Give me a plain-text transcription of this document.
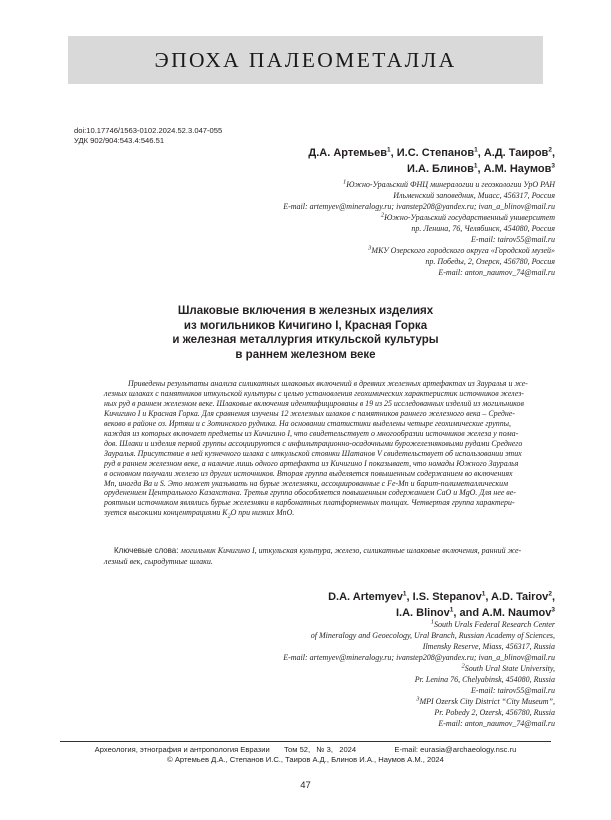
ЭПОХА ПАЛЕОМЕТАЛЛА
doi:10.17746/1563-0102.2024.52.3.047-055
УДК 902/904:543.4:546.51
Д.А. Артемьев$^1$, И.С. Степанов$^1$, А.Д. Таиров$^2$,
И.А. Блинов$^1$, А.М. Наумов$^3$
$^1$Южно-Уральский ФНЦ минералогии и геоэкологии УрО РАН
Ильменский заповедник, Миасс, 456317, Россия
E-mail: artemyev@mineralogy.ru; ivanstep208@yandex.ru; ivan_a_blinov@mail.ru
$^2$Южно-Уральский государственный университет
пр. Ленина, 76, Челябинск, 454080, Россия
E-mail: tairov55@mail.ru
$^3$МКУ Озерского городского округа «Городской музей»
пр. Победы, 2, Озерск, 456780, Россия
E-mail: anton_naumov_74@mail.ru
Шлаковые включения в железных изделиях
из могильников Кичигино I, Красная Горка
и железная металлургия иткульской культуры
в раннем железном веке
Приведены результаты анализа силикатных шлаковых включений в древних железных артефактах из Зауралья и же-
лезных шлаках с памятников иткульской культуры с целью установления геохимических характеристик источников желез-
ных руд в раннем железном веке. Шлаковые включения идентифицированы в 19 из 25 исследованных изделий из могильников
Кичигино I и Красная Горка. Для сравнения изучены 12 железных шлаков с памятников раннего железного века – Средне-
веково в районе оз. Иртяш и с Зотинского рудника. На основании статистики выделены четыре геохимические группы,
каждая из которых включает предметы из Кичигино I, что свидетельствует о многообразии источников железа у noма-
дов. Шлаки и изделия первой группы ассоциируются с инфильтрационно-осадочными бурожелезняковыми рудами Среднего
Зауралья. Присутствие в ней кузнечного шлака с иткульской стоянки Шатанов V свидетельствует об использовании этих
руд в раннем железном веке, а наличие лишь одного артефакта из Кичигино I показывает, что номады Южного Зауралья
в основном получали железо из других источников. Вторая группа выделяется повышенным содержанием во включениях
Mn, иногда Ba и S. Это может указывать на бурые железняки, ассоциированные с Fe-Mn и барит-полиметаллическим
оруденением Центрального Казахстана. Третья группа обособляется повышенным содержанием CaO и MgO. Для нее ве-
роятным источником являлись бурые железняки в карбонатных платформенных толщах. Четвертая группа характери-
зуется высокими концентрациями $K_2O$ при низких MnO.
Ключевые слова: могильник Кичигино I, иткульская культура, железо, силикатные шлаковые включения, ранний же-
лезный век, сыродутные шлаки.
D.A. Artemyev$^1$, I.S. Stepanov$^1$, A.D. Tairov$^2$,
I.A. Blinov$^1$, and A.M. Naumov$^3$
$^1$South Urals Federal Research Center
of Mineralogy and Geoecology, Ural Branch, Russian Academy of Sciences,
Ilmensky Reserve, Miass, 456317, Russia
E-mail: artemyev@mineralogy.ru; ivanstep208@yandex.ru; ivan_a_blinov@mail.ru
$^2$South Ural State University,
Pr. Lenina 76, Chelyabinsk, 454080, Russia
E-mail: tairov55@mail.ru
$^3$MPI Ozersk City District “City Museum”,
Pr. Pobedy 2, Ozersk, 456780, Russia
E-mail: anton_naumov_74@mail.ru
Археология, этнография и антропология Евразии Том 52, № 3, 2024	E-mail: eurasia@archaeology.nsc.ru
© Артемьев Д.А., Степанов И.С., Таиров А.Д., Блинов И.А., Наумов А.М., 2024
47
